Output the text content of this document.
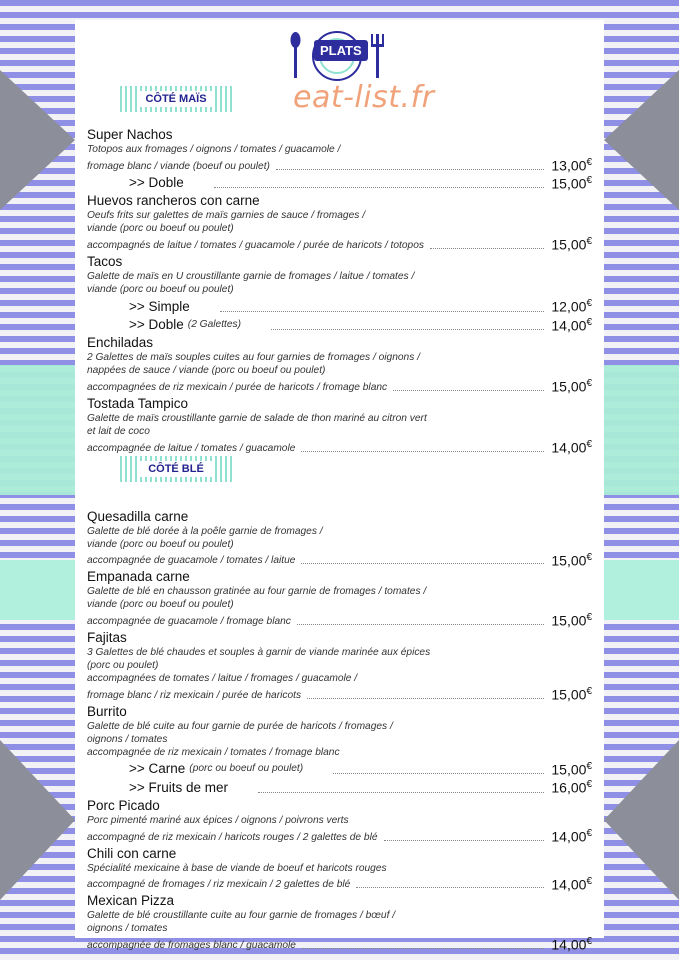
PLATS
eat-list.fr
CÔTÉ MAÏS
Super Nachos
Totopos aux fromages / oignons / tomates / guacamole /
fromage blanc / viande (boeuf ou poulet)	13,00€
>> Doble	15,00€
Huevos rancheros con carne
Oeufs frits sur galettes de maïs garnies de sauce / fromages /
viande (porc ou boeuf ou poulet)
accompagnés de laitue / tomates / guacamole / purée de haricots / totopos	15,00€
Tacos
Galette de maïs en U croustillante garnie de fromages / laitue / tomates /
viande (porc ou boeuf ou poulet)
>> Simple	12,00€
>> Doble (2 Galettes)	14,00€
Enchiladas
2 Galettes de maïs souples cuites au four garnies de fromages / oignons /
nappées de sauce / viande (porc ou boeuf ou poulet)
accompagnées de riz mexicain / purée de haricots / fromage blanc	15,00€
Tostada Tampico
Galette de maïs croustillante garnie de salade de thon mariné au citron vert
et lait de coco
accompagnée de laitue / tomates / guacamole	14,00€
Quesadilla carne
Galette de blé dorée à la poêle garnie de fromages /
viande (porc ou boeuf ou poulet)
accompagnée de guacamole / tomates / laitue	15,00€
Empanada carne
Galette de blé en chausson gratinée au four garnie de fromages / tomates /
viande (porc ou boeuf ou poulet)
accompagnée de guacamole / fromage blanc	15,00€
Fajitas
3 Galettes de blé chaudes et souples à garnir de viande marinée aux épices
(porc ou poulet)
accompagnées de tomates / laitue / fromages / guacamole /
fromage blanc / riz mexicain / purée de haricots	15,00€
Burrito
Galette de blé cuite au four garnie de purée de haricots / fromages /
oignons / tomates
accompagnée de riz mexicain / tomates / fromage blanc
>> Carne (porc ou boeuf ou poulet)	15,00€
>> Fruits de mer	16,00€
Porc Picado
Porc pimenté mariné aux épices / oignons / poivrons verts
accompagné de riz mexicain / haricots rouges / 2 galettes de blé	14,00€
Chili con carne
Spécialité mexicaine à base de viande de boeuf et haricots rouges
accompagné de fromages / riz mexicain / 2 galettes de blé	14,00€
Mexican Pizza
Galette de blé croustillante cuite au four garnie de fromages / bœuf /
oignons / tomates
accompagnée de fromages blanc / guacamole	14,00€
CÔTÉ BLÉ
